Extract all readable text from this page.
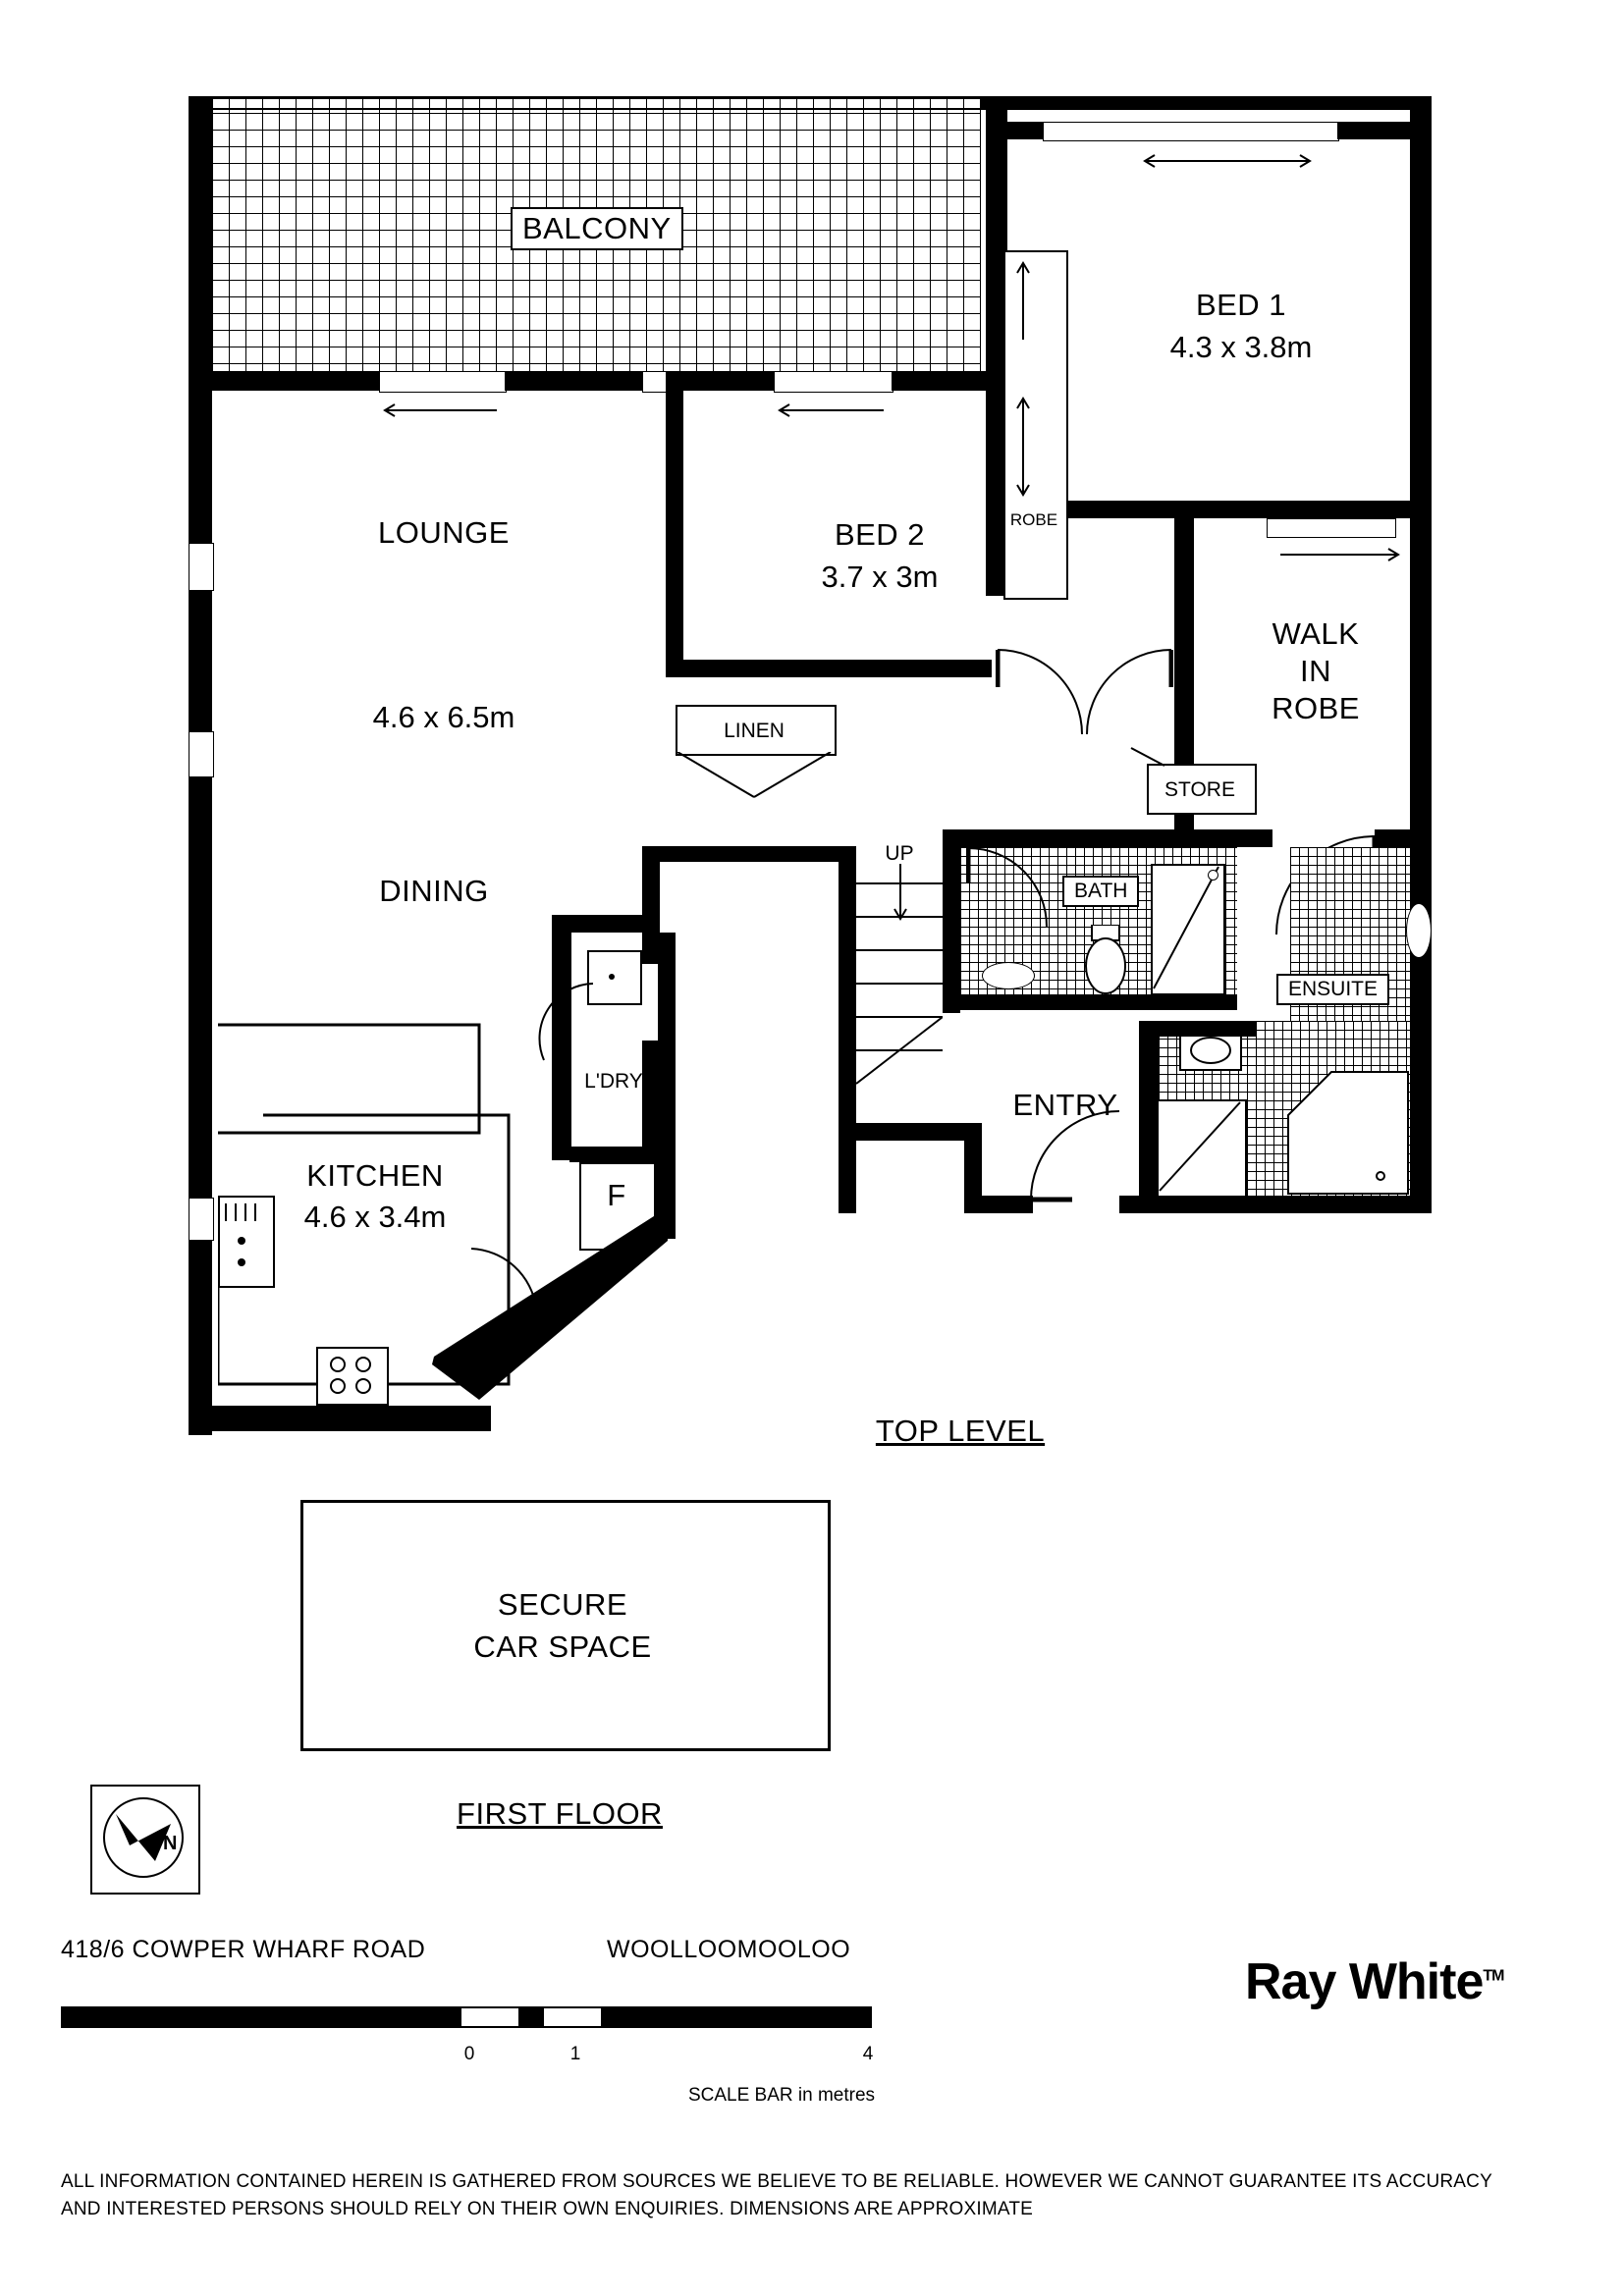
BALCONY
BED 1
4.3 x 3.8m
ROBE
BED 2
3.7 x 3m
LINEN
WALK
IN
ROBE
STORE
BATH
ENSUITE
UP
ENTRY
LOUNGE
4.6 x 6.5m
DINING
L'DRY
F
P'TRY
KITCHEN
4.6 x 3.4m
TOP LEVEL
SECURE
CAR SPACE
FIRST FLOOR
N
418/6 COWPER WHARF ROAD	WOOLLOOMOOLOO
Ray White™
0	1	4
SCALE BAR in metres
ALL INFORMATION CONTAINED HEREIN IS GATHERED FROM SOURCES WE BELIEVE TO BE RELIABLE. HOWEVER WE CANNOT GUARANTEE ITS ACCURACY
AND INTERESTED PERSONS SHOULD RELY ON THEIR OWN ENQUIRIES. DIMENSIONS ARE APPROXIMATE
